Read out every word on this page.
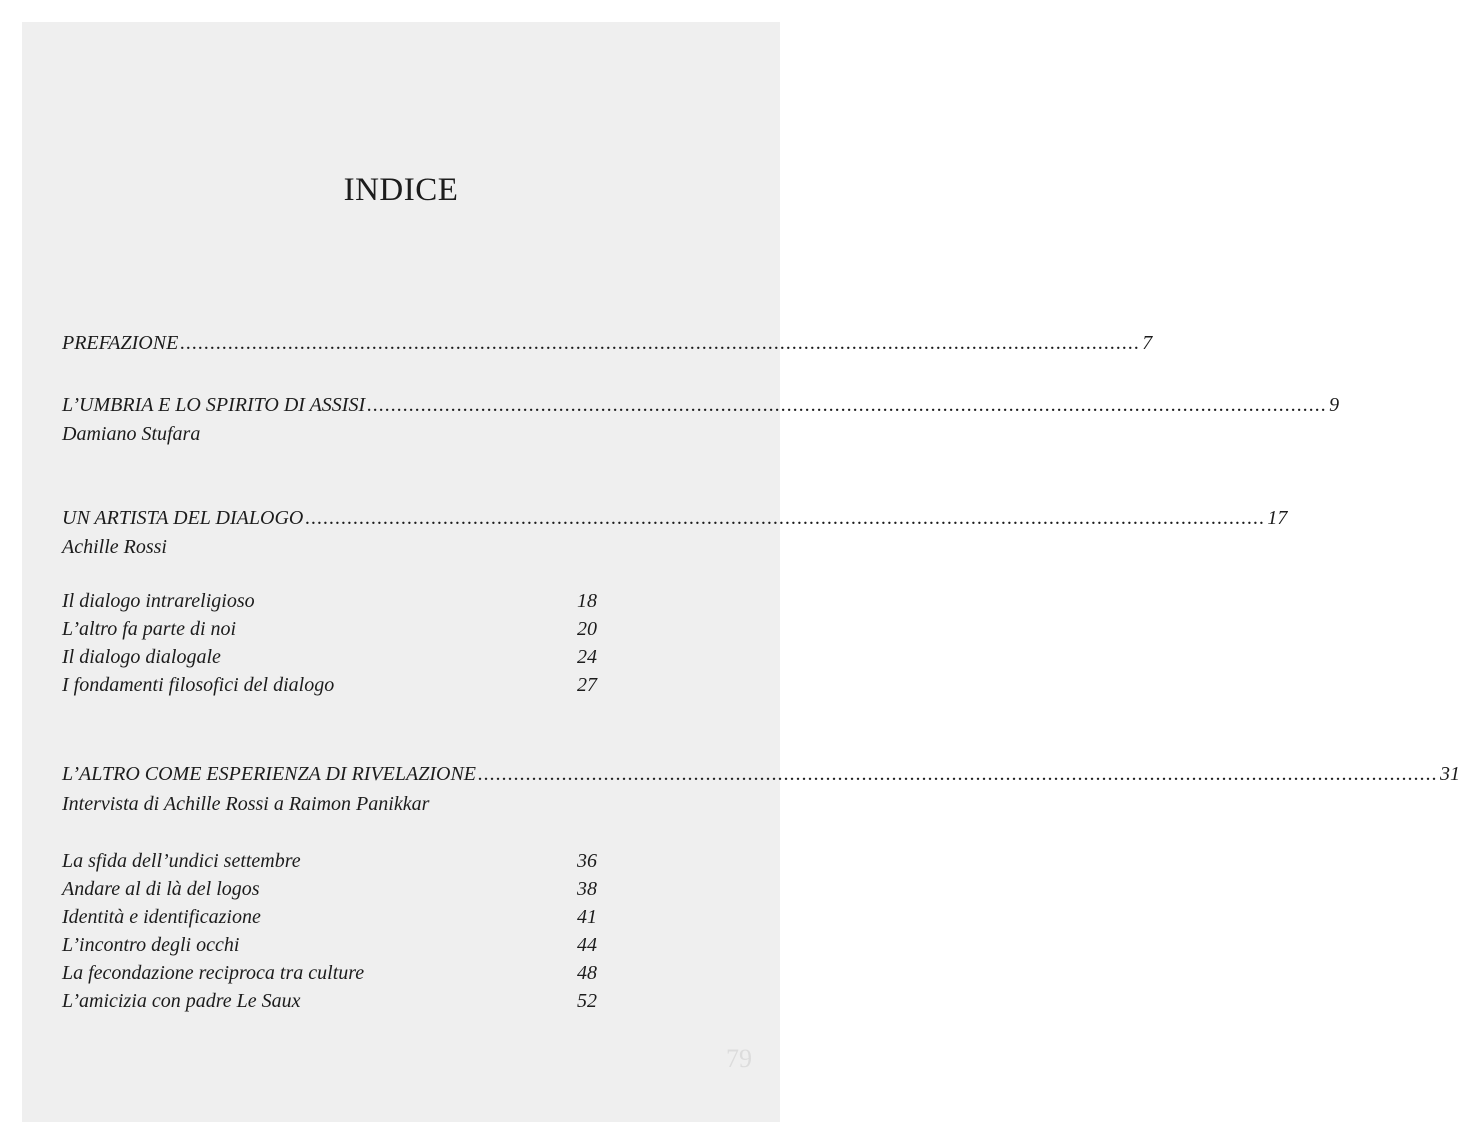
INDICE
PREFAZIONE ................................................................................................................................................................ 7
L’UMBRIA E LO SPIRITO DI ASSISI ................................................................................................................................................................ 9
Damiano Stufara
UN ARTISTA DEL DIALOGO ................................................................................................................................................................ 17
Achille Rossi
Il dialogo intrareligioso	18
L’altro fa parte di noi	20
Il dialogo dialogale	24
I fondamenti filosofici del dialogo	27
L’ALTRO COME ESPERIENZA DI RIVELAZIONE ................................................................................................................................................................ 31
Intervista di Achille Rossi a Raimon Panikkar
La sfida dell’undici settembre	36
Andare al di là del logos	38
Identità e identificazione	41
L’incontro degli occhi	44
La fecondazione reciproca tra culture	48
L’amicizia con padre Le Saux	52
79
